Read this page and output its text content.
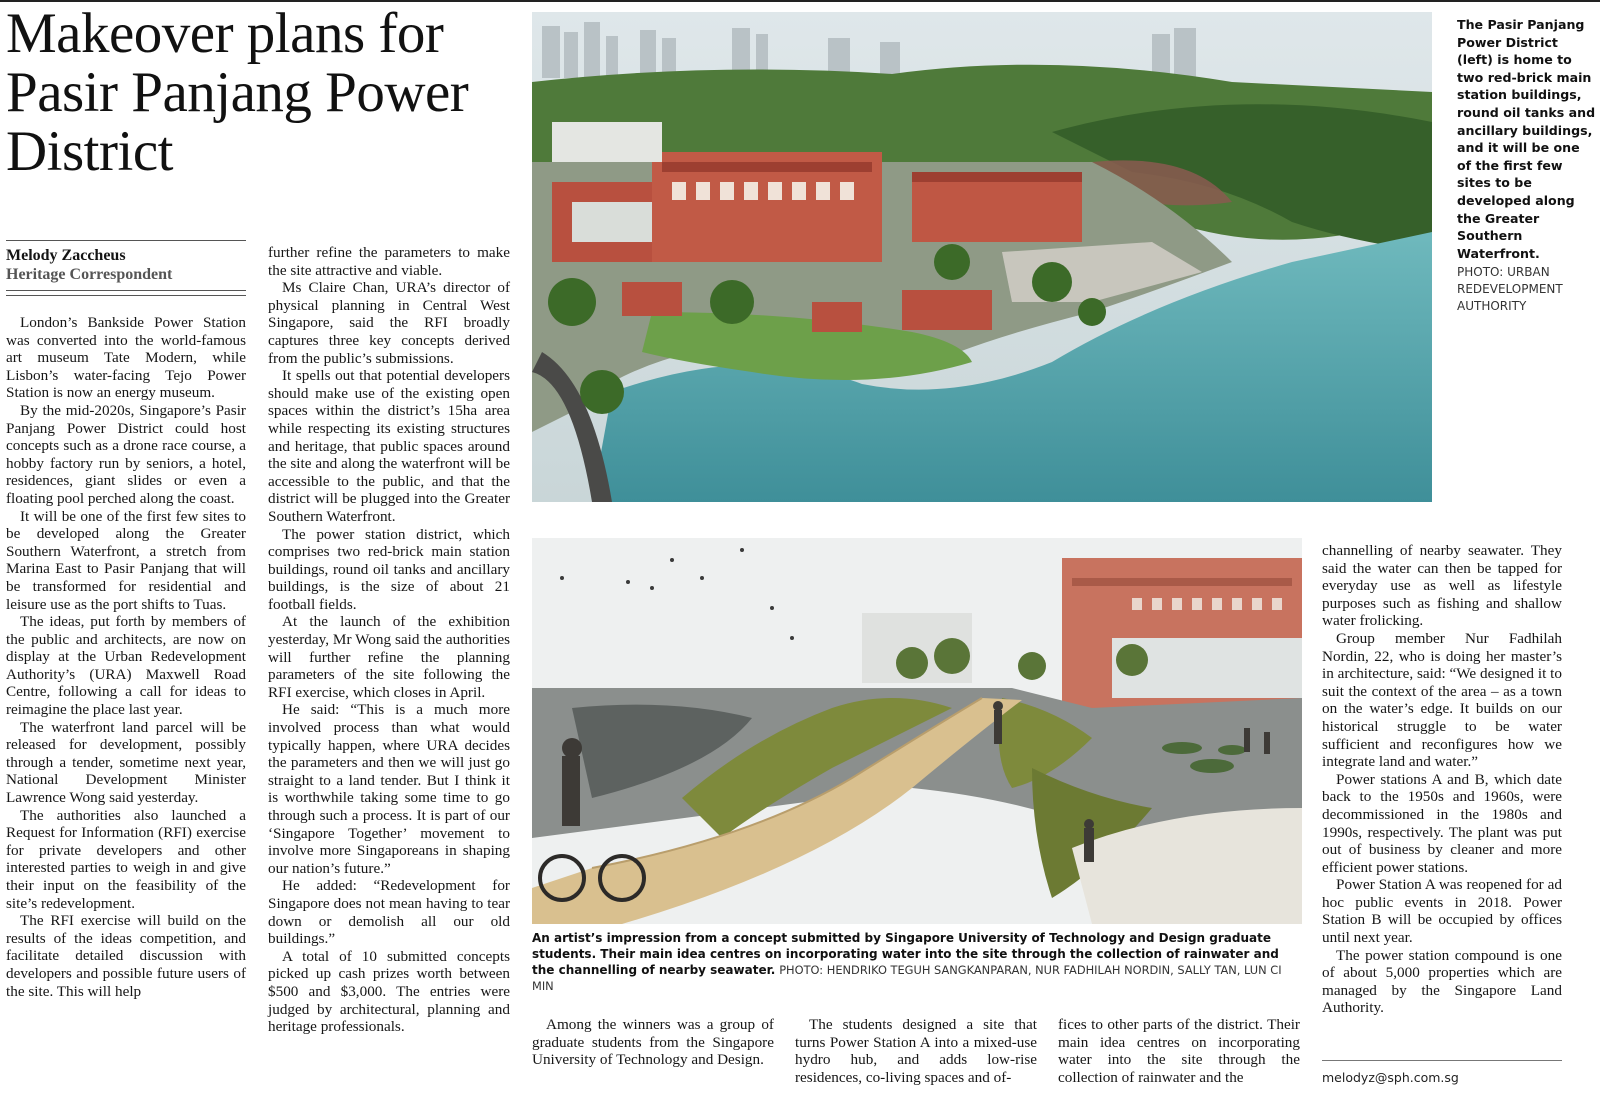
Makeover plans for Pasir Panjang Power District
Melody Zaccheus
Heritage Correspondent

London’s Bankside Power Station was converted into the world-famous art museum Tate Modern, while Lisbon’s water-facing Tejo Power Station is now an energy museum.

By the mid-2020s, Singapore’s Pasir Panjang Power District could host concepts such as a drone race course, a hobby factory run by seniors, a hotel, residences, giant slides or even a floating pool perched along the coast.

It will be one of the first few sites to be developed along the Greater Southern Waterfront, a stretch from Marina East to Pasir Panjang that will be transformed for residential and leisure use as the port shifts to Tuas.

The ideas, put forth by members of the public and architects, are now on display at the Urban Redevelopment Authority’s (URA) Maxwell Road Centre, following a call for ideas to reimagine the place last year.

The waterfront land parcel will be released for development, possibly through a tender, sometime next year, National Development Minister Lawrence Wong said yesterday.

The authorities also launched a Request for Information (RFI) exercise for private developers and other interested parties to weigh in and give their input on the feasibility of the site’s redevelopment.

The RFI exercise will build on the results of the ideas competition, and facilitate detailed discussion with developers and possible future users of the site. This will help

further refine the parameters to make the site attractive and viable.

Ms Claire Chan, URA’s director of physical planning in Central West Singapore, said the RFI broadly captures three key concepts derived from the public’s submissions.

It spells out that potential developers should make use of the existing open spaces within the district’s 15ha area while respecting its existing structures and heritage, that public spaces around the site and along the waterfront will be accessible to the public, and that the district will be plugged into the Greater Southern Waterfront.

The power station district, which comprises two red-brick main station buildings, round oil tanks and ancillary buildings, is the size of about 21 football fields.

At the launch of the exhibition yesterday, Mr Wong said the authorities will further refine the planning parameters of the site following the RFI exercise, which closes in April.

He said: “This is a much more involved process than what would typically happen, where URA decides the parameters and then we will just go straight to a land tender. But I think it is worthwhile taking some time to go through such a process. It is part of our ‘Singapore Together’ movement to involve more Singaporeans in shaping our nation’s future.”

He added: “Redevelopment for Singapore does not mean having to tear down or demolish all our old buildings.”

A total of 10 submitted concepts picked up cash prizes worth between $500 and $3,000. The entries were judged by architectural, planning and heritage professionals.

The Pasir Panjang Power District (left) is home to two red-brick main station buildings, round oil tanks and ancillary buildings, and it will be one of the first few sites to be developed along the Greater Southern Waterfront.
PHOTO: URBAN REDEVELOPMENT AUTHORITY
An artist’s impression from a concept submitted by Singapore University of Technology and Design graduate students. Their main idea centres on incorporating water into the site through the collection of rainwater and the channelling of nearby seawater. PHOTO: HENDRIKO TEGUH SANGKANPARAN, NUR FADHILAH NORDIN, SALLY TAN, LUN CI MIN

Among the winners was a group of graduate students from the Singapore University of Technology and Design.

The students designed a site that turns Power Station A into a mixed-use hydro hub, and adds low-rise residences, co-living spaces and of-

fices to other parts of the district. Their main idea centres on incorporating water into the site through the collection of rainwater and the

channelling of nearby seawater. They said the water can then be tapped for everyday use as well as lifestyle purposes such as fishing and shallow water frolicking.

Group member Nur Fadhilah Nordin, 22, who is doing her master’s in architecture, said: “We designed it to suit the context of the area – as a town on the water’s edge. It builds on our historical struggle to be water sufficient and reconfigures how we integrate land and water.”

Power stations A and B, which date back to the 1950s and 1960s, were decommissioned in the 1980s and 1990s, respectively. The plant was put out of business by cleaner and more efficient power stations.

Power Station A was reopened for ad hoc public events in 2018. Power Station B will be occupied by offices until next year.

The power station compound is one of about 5,000 properties which are managed by the Singapore Land Authority.

melodyz@sph.com.sg
